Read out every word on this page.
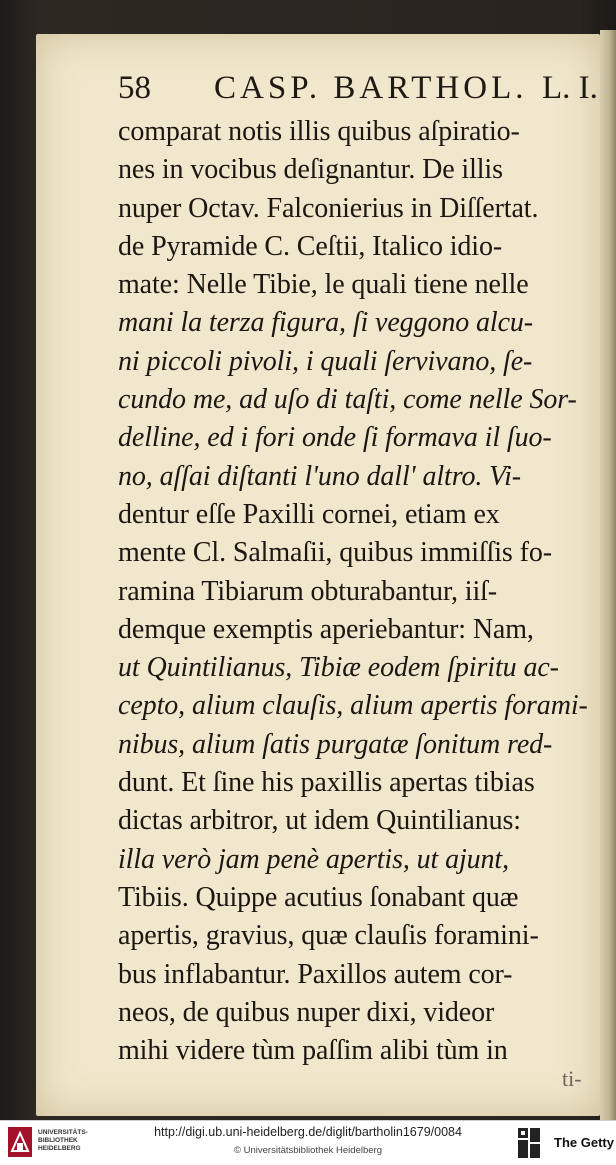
58 CASP. BARTHOL. L. I.
comparat notis illis quibus aſpiratio-
nes in vocibus deſignantur. De illis
nuper Octav. Falconierius in Diſſertat.
de Pyramide C. Ceſtii, Italico idio-
mate: Nelle Tibie, le quali tiene nelle
mani la terza figura, ſi veggono alcu-
ni piccoli pivoli, i quali ſervivano, ſe-
cundo me, ad uſo di taſti, come nelle Sor-
delline, ed i fori onde ſi formava il ſuo-
no, aſſai diſtanti l'uno dall' altro. Vi-
dentur eſſe Paxilli cornei, etiam ex
mente Cl. Salmaſii, quibus immiſſis fo-
ramina Tibiarum obturabantur, iiſ-
demque exemptis aperiebantur: Nam,
ut Quintilianus, Tibiæ eodem ſpiritu ac-
cepto, alium clauſis, alium apertis forami-
nibus, alium ſatis purgatæ ſonitum red-
dunt. Et ſine his paxillis apertas tibias
dictas arbitror, ut idem Quintilianus:
illa verò jam penè apertis, ut ajunt,
Tibiis. Quippe acutius ſonabant quæ
apertis, gravius, quæ clauſis foramini-
bus inflabantur. Paxillos autem cor-
neos, de quibus nuper dixi, videor
mihi videre tùm paſſim alibi tùm in
ti-
UNIVERSITÄTS-
BIBLIOTHEK
HEIDELBERG
http://digi.ub.uni-heidelberg.de/diglit/bartholin1679/0084
© Universitätsbibliothek Heidelberg
The Getty
